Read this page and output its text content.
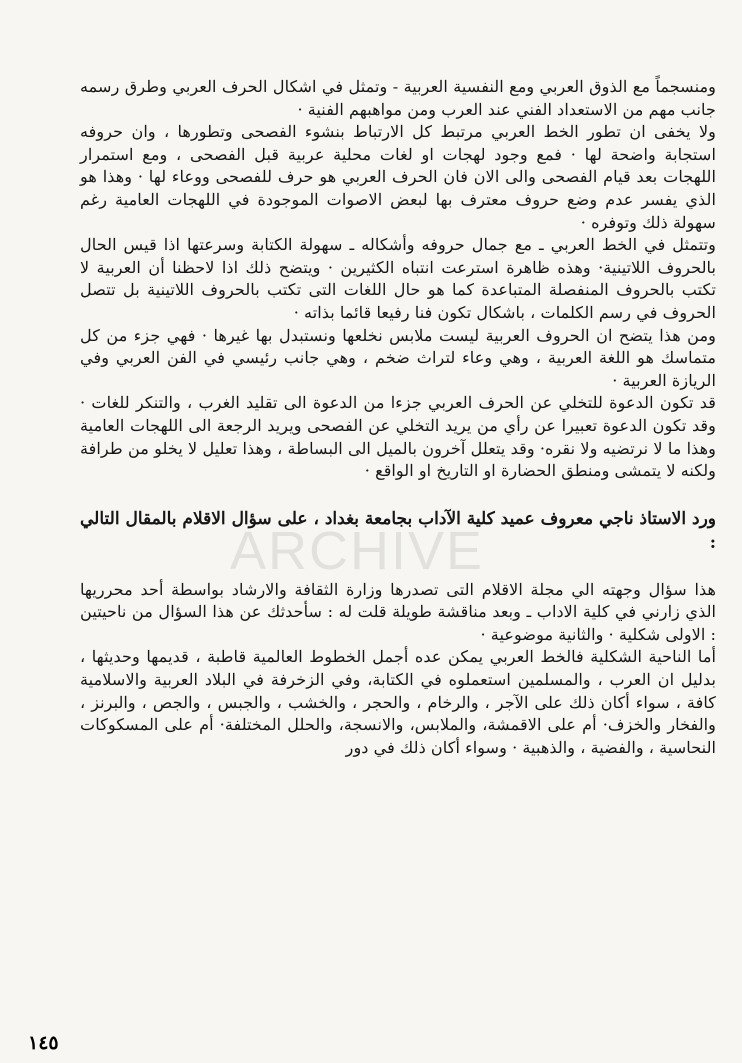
ARCHIVE

ومنسجماً مع الذوق العربي ومع النفسية العربية - وتمثل في اشكال الحرف العربي وطرق رسمه جانب مهم من الاستعداد الفني عند العرب ومن مواهبهم الفنية ·

ولا يخفى ان تطور الخط العربي مرتبط كل الارتباط بنشوء الفصحى وتطورها ، وان حروفه استجابة واضحة لها · فمع وجود لهجات او لغات محلية عربية قبل الفصحى ، ومع استمرار اللهجات بعد قيام الفصحى والى الان فان الحرف العربي هو حرف للفصحى ووعاء لها · وهذا هو الذي يفسر عدم وضع حروف معترف بها لبعض الاصوات الموجودة في اللهجات العامية رغم سهولة ذلك وتوفره ·

وتتمثل في الخط العربي ـ مع جمال حروفه وأشكاله ـ سهولة الكتابة وسرعتها اذا قيس الحال بالحروف اللاتينية· وهذه ظاهرة استرعت انتباه الكثيرين · ويتضح ذلك اذا لاحظنا أن العربية لا تكتب بالحروف المنفصلة المتباعدة كما هو حال اللغات التى تكتب بالحروف اللاتينية بل تتصل الحروف في رسم الكلمات ، باشكال تكون فنا رفيعا قائما بذاته ·

ومن هذا يتضح ان الحروف العربية ليست ملابس نخلعها ونستبدل بها غيرها · فهي جزء من كل متماسك هو اللغة العربية ، وهي وعاء لتراث ضخم ، وهي جانب رئيسي في الفن العربي وفي الريازة العربية ·

قد تكون الدعوة للتخلي عن الحرف العربي جزءا من الدعوة الى تقليد الغرب ، والتنكر للغات · وقد تكون الدعوة تعبيرا عن رأي من يريد التخلي عن الفصحى ويريد الرجعة الى اللهجات العامية وهذا ما لا نرتضيه ولا نقره· وقد يتعلل آخرون بالميل الى البساطة ، وهذا تعليل لا يخلو من طرافة ولكنه لا يتمشى ومنطق الحضارة او التاريخ او الواقع ·

ورد الاستاذ ناجي معروف عميد كلية الآداب بجامعة بغداد ، على سؤال الاقلام بالمقال التالي :

هذا سؤال وجهته الي مجلة الاقلام التى تصدرها وزارة الثقافة والارشاد بواسطة أحد محرريها الذي زارني في كلية الاداب ـ وبعد مناقشة طويلة قلت له : سأحدثك عن هذا السؤال من ناحيتين : الاولى شكلية · والثانية موضوعية ·

أما الناحية الشكلية فالخط العربي يمكن عده أجمل الخطوط العالمية قاطبة ، قديمها وحديثها ، بدليل ان العرب ، والمسلمين استعملوه في الكتابة، وفي الزخرفة في البلاد العربية والاسلامية كافة ، سواء أكان ذلك على الآجر ، والرخام ، والحجر ، والخشب ، والجبس ، والجص ، والبرنز ، والفخار والخزف· أم على الاقمشة، والملابس، والانسجة، والحلل المختلفة· أم على المسكوكات النحاسية ، والفضية ، والذهبية · وسواء أكان ذلك في دور

١٤٥
